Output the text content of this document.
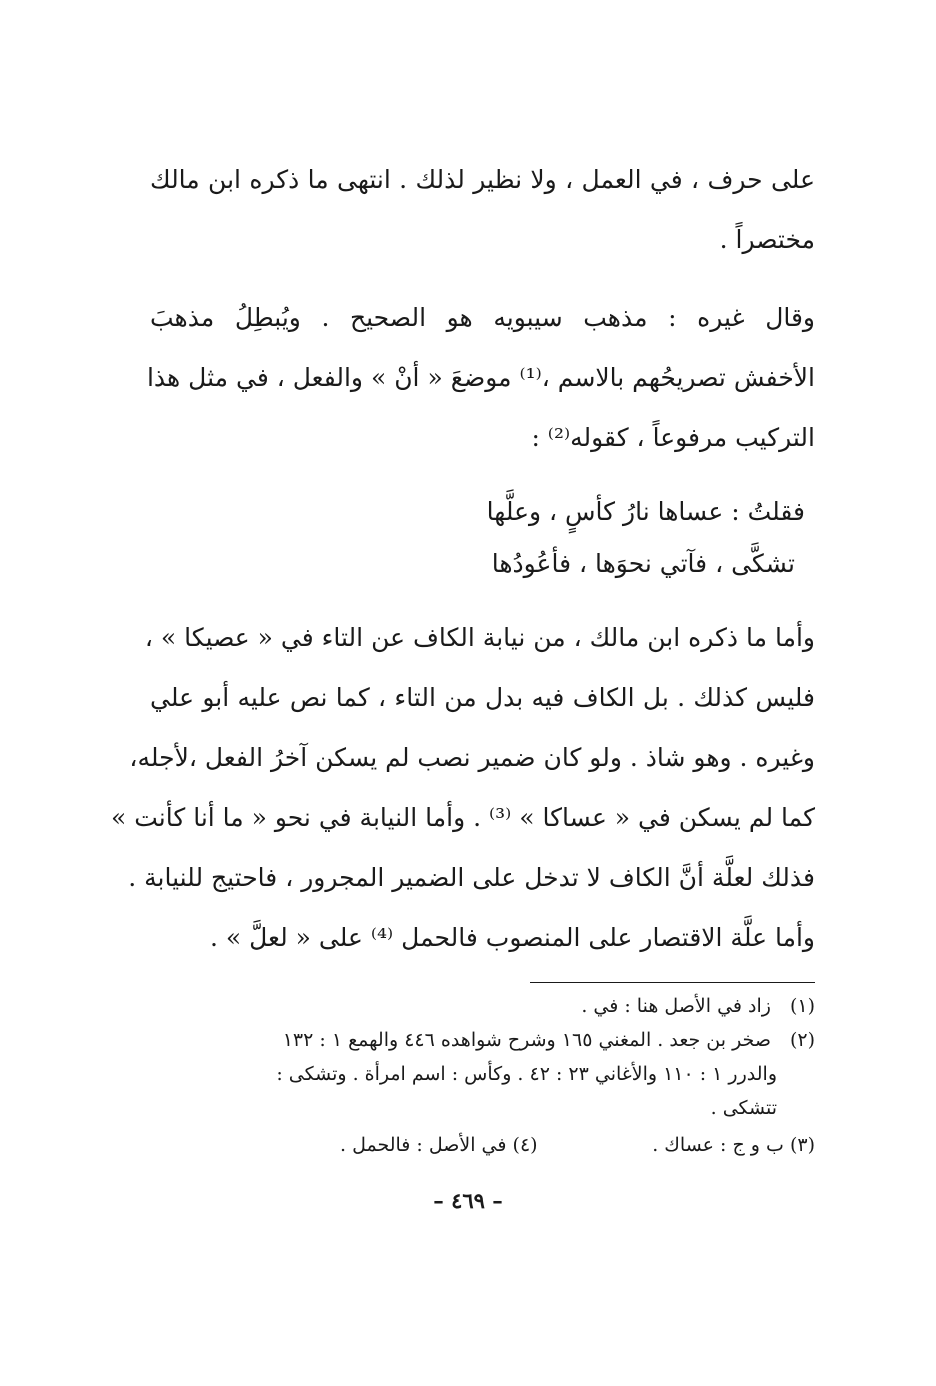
على حرف ، في العمل ، ولا نظير لذلك . انتهى ما ذكره ابن مالك
مختصراً .
وقال غيره : مذهب سيبويه هو الصحيح . ويُبطِلُ مذهبَ
الأخفش تصريحُهم بالاسم ،⁽¹⁾ موضعَ « أنْ » والفعل ، في مثل هذا
التركيب مرفوعاً ، كقوله⁽²⁾ :
فقلتُ : عساها نارُ كأسٍ ، وعلَّها
تشكَّى ، فآتي نحوَها ، فأعُودُها
وأما ما ذكره ابن مالك ، من نيابة الكاف عن التاء في « عصيكا » ،
فليس كذلك . بل الكاف فيه بدل من التاء ، كما نص عليه أبو علي
وغيره . وهو شاذ . ولو كان ضمير نصب لم يسكن آخرُ الفعل ،لأجله،
كما لم يسكن في « عساكا » ⁽³⁾ . وأما النيابة في نحو « ما أنا كأنت »
فذلك لعلَّة أنَّ الكاف لا تدخل على الضمير المجرور ، فاحتيج للنيابة .
وأما علَّة الاقتصار على المنصوب فالحمل ⁽⁴⁾ على « لعلَّ » .
(١) زاد في الأصل هنا : في .
(٢) صخر بن جعد . المغني ١٦٥ وشرح شواهده ٤٤٦ والهمع ١ : ١٣٢
والدرر ١ : ١١٠ والأغاني ٢٣ : ٤٢ . وكأس : اسم امرأة . وتشكى :
تتشكى .
(٣) ب و ج : عساك .
(٤) في الأصل : فالحمل .
– ٤٦٩ –
